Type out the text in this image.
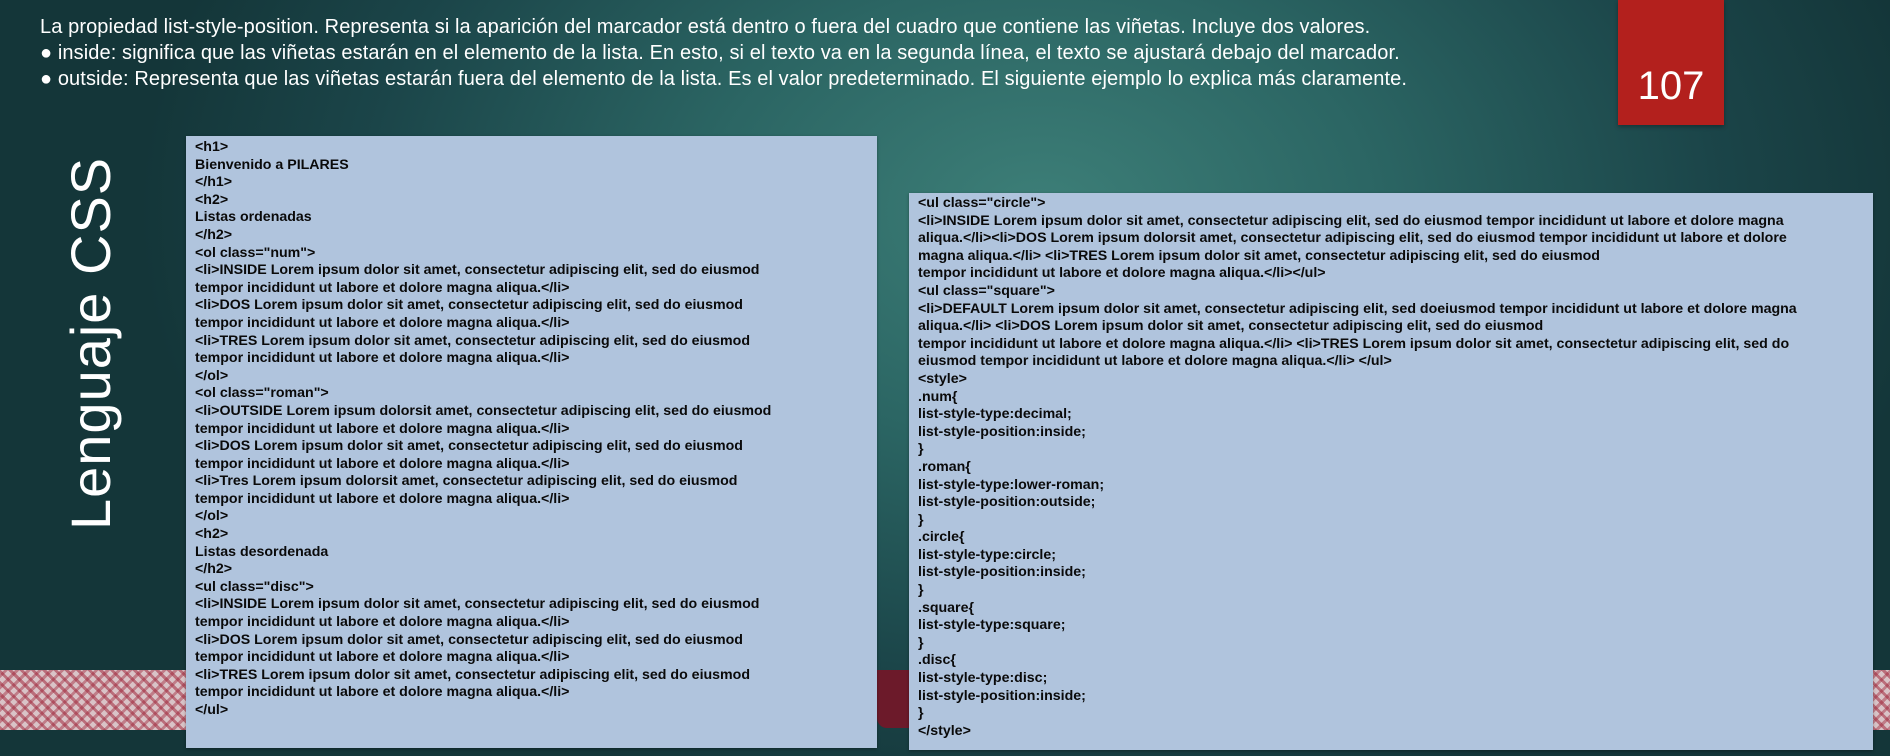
La propiedad list-style-position. Representa si la aparición del marcador está dentro o fuera del cuadro que contiene las viñetas. Incluye dos valores.
● inside: significa que las viñetas estarán en el elemento de la lista. En esto, si el texto va en la segunda línea, el texto se ajustará debajo del marcador.
● outside: Representa que las viñetas estarán fuera del elemento de la lista. Es el valor predeterminado. El siguiente ejemplo lo explica más claramente.	107
Lenguaje CSS
<h1>
Bienvenido a PILARES
</h1>
<h2>
Listas ordenadas
</h2>
<ol class="num">
<li>INSIDE Lorem ipsum dolor sit amet, consectetur adipiscing elit, sed do eiusmod
tempor incididunt ut labore et dolore magna aliqua.</li>
<li>DOS Lorem ipsum dolor sit amet, consectetur adipiscing elit, sed do eiusmod
tempor incididunt ut labore et dolore magna aliqua.</li>
<li>TRES Lorem ipsum dolor sit amet, consectetur adipiscing elit, sed do eiusmod
tempor incididunt ut labore et dolore magna aliqua.</li>
</ol>
<ol class="roman">
<li>OUTSIDE Lorem ipsum dolorsit amet, consectetur adipiscing elit, sed do eiusmod
tempor incididunt ut labore et dolore magna aliqua.</li>
<li>DOS Lorem ipsum dolor sit amet, consectetur adipiscing elit, sed do eiusmod
tempor incididunt ut labore et dolore magna aliqua.</li>
<li>Tres Lorem ipsum dolorsit amet, consectetur adipiscing elit, sed do eiusmod
tempor incididunt ut labore et dolore magna aliqua.</li>
</ol>
<h2>
Listas desordenada
</h2>
<ul class="disc">
<li>INSIDE Lorem ipsum dolor sit amet, consectetur adipiscing elit, sed do eiusmod
tempor incididunt ut labore et dolore magna aliqua.</li>
<li>DOS Lorem ipsum dolor sit amet, consectetur adipiscing elit, sed do eiusmod
tempor incididunt ut labore et dolore magna aliqua.</li>
<li>TRES Lorem ipsum dolor sit amet, consectetur adipiscing elit, sed do eiusmod
tempor incididunt ut labore et dolore magna aliqua.</li>
</ul>
<ul class="circle">
<li>INSIDE Lorem ipsum dolor sit amet, consectetur adipiscing elit, sed do eiusmod tempor incididunt ut labore et dolore magna
aliqua.</li><li>DOS Lorem ipsum dolorsit amet, consectetur adipiscing elit, sed do eiusmod tempor incididunt ut labore et dolore
magna aliqua.</li> <li>TRES Lorem ipsum dolor sit amet, consectetur adipiscing elit, sed do eiusmod
tempor incididunt ut labore et dolore magna aliqua.</li></ul>
<ul class="square">
<li>DEFAULT Lorem ipsum dolor sit amet, consectetur adipiscing elit, sed doeiusmod tempor incididunt ut labore et dolore magna
aliqua.</li> <li>DOS Lorem ipsum dolor sit amet, consectetur adipiscing elit, sed do eiusmod
tempor incididunt ut labore et dolore magna aliqua.</li> <li>TRES Lorem ipsum dolor sit amet, consectetur adipiscing elit, sed do
eiusmod tempor incididunt ut labore et dolore magna aliqua.</li> </ul>
<style>
.num{
list-style-type:decimal;
list-style-position:inside;
}
.roman{
list-style-type:lower-roman;
list-style-position:outside;
}
.circle{
list-style-type:circle;
list-style-position:inside;
}
.square{
list-style-type:square;
}
.disc{
list-style-type:disc;
list-style-position:inside;
}
</style>
